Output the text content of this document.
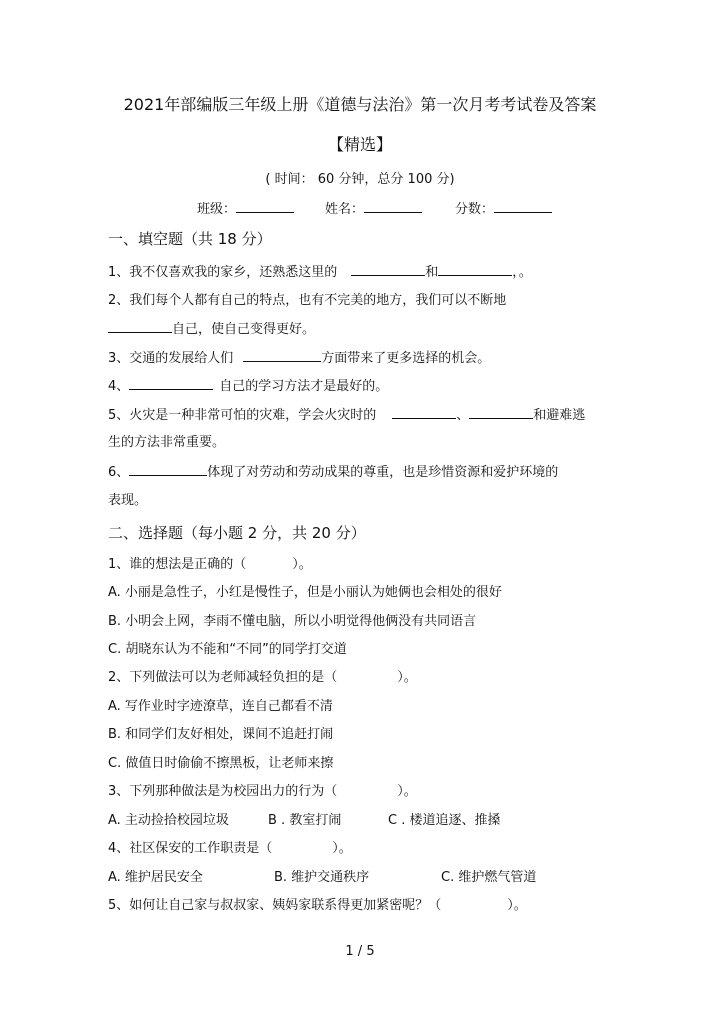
2021年部编版三年级上册《道德与法治》第一次月考考试卷及答案
【精选】
( 时间： 60 分钟，总分 100 分)
班级：	姓名：	分数：
一、填空题（共 18 分）
1、我不仅喜欢我的家乡，还熟悉这里的	和	，。
2、我们每个人都有自己的特点，也有不完美的地方，我们可以不断地
自己，使自己变得更好。
3、交通的发展给人们	方面带来了更多选择的机会。
4、	自己的学习方法才是最好的。
5、火灾是一种非常可怕的灾难，学会火灾时的	、	和避难逃
生的方法非常重要。
6、	体现了对劳动和劳动成果的尊重，也是珍惜资源和爱护环境的
表现。
二、选择题（每小题 2 分，共 20 分）
1、谁的想法是正确的（	）。
A. 小丽是急性子，小红是慢性子，但是小丽认为她俩也会相处的很好
B. 小明会上网，李雨不懂电脑，所以小明觉得他俩没有共同语言
C. 胡晓东认为不能和“不同”的同学打交道
2、下列做法可以为老师减轻负担的是（	）。
A. 写作业时字迹潦草，连自己都看不清
B. 和同学们友好相处，课间不追赶打闹
C. 做值日时偷偷不擦黑板，让老师来擦
3、下列那种做法是为校园出力的行为（	）。
A. 主动捡拾校园垃圾	B . 教室打闹	C . 楼道追逐、推搡
4、社区保安的工作职责是（	）。
A. 维护居民安全	B. 维护交通秩序	C. 维护燃气管道
5、如何让自己家与叔叔家、姨妈家联系得更加紧密呢？（	）。
1 / 5
